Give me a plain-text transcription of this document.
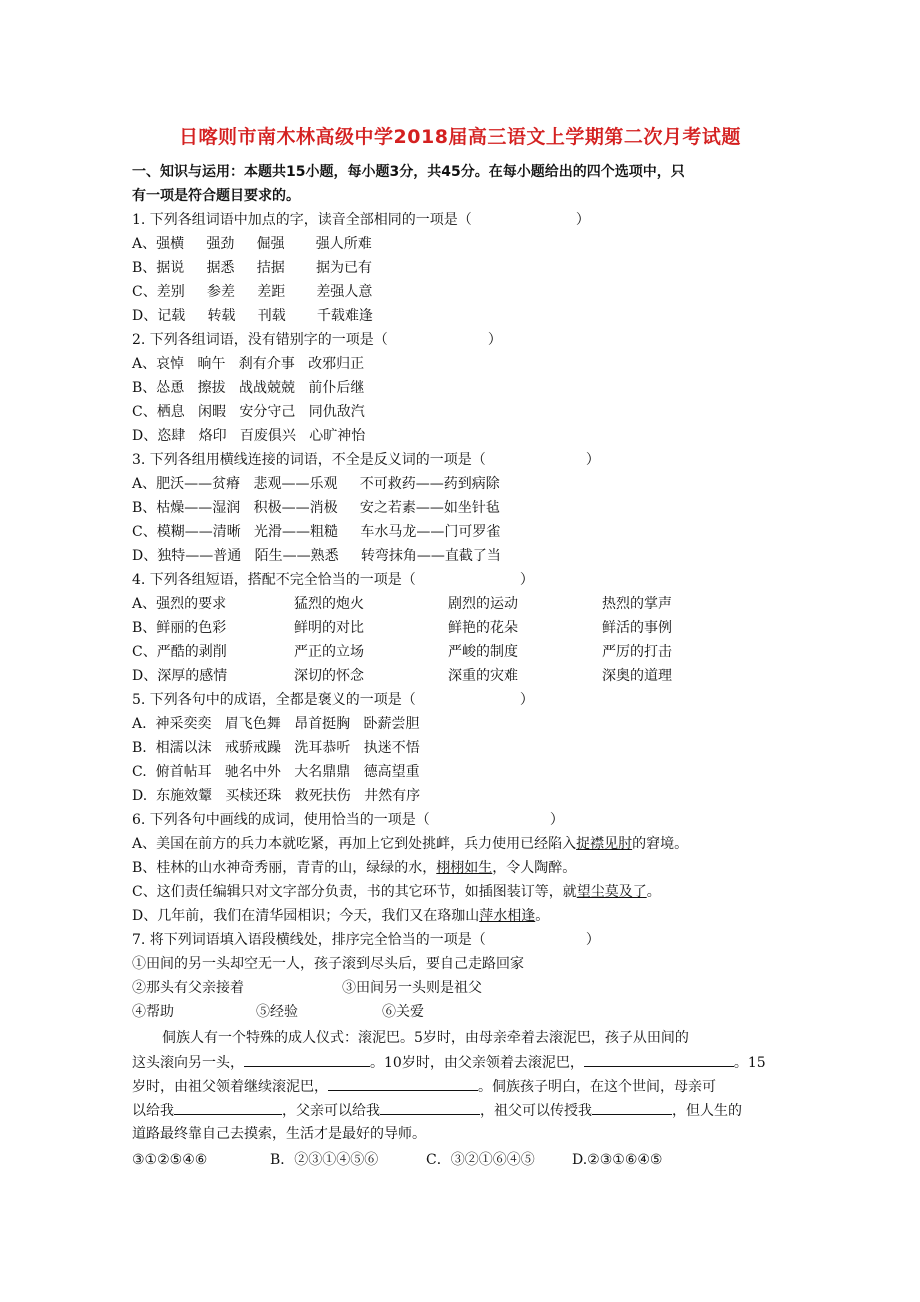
日喀则市南木林高级中学2018届高三语文上学期第二次月考试题
一、知识与运用：本题共15小题，每小题3分，共45分。在每小题给出的四个选项中，只
有一项是符合题目要求的。
1. 下列各组词语中加点的字，读音全部相同的一项是（	）
A、强横     强劲     倔强       强人所难
B、据说     据悉     拮据       据为已有
C、差别     参差     差距       差强人意
D、记载     转载     刊载       千载难逢
2. 下列各组词语，没有错别字的一项是（	）
A、哀悼   晌午   刹有介事   改邪归正
B、怂恿   擦拔   战战兢兢   前仆后继
C、栖息   闲暇   安分守己   同仇敌汽
D、恣肆   烙印   百废俱兴   心旷神怡
3. 下列各组用横线连接的词语，不全是反义词的一项是（	）
A、肥沃——贫瘠   悲观——乐观     不可救药——药到病除
B、枯燥——湿润   积极——消极     安之若素——如坐针毡
C、模糊——清晰   光滑——粗糙     车水马龙——门可罗雀
D、独特——普通   陌生——熟悉     转弯抹角——直截了当
4. 下列各组短语，搭配不完全恰当的一项是（	）
A、强烈的要求	猛烈的炮火	剧烈的运动	热烈的掌声
B、鲜丽的色彩	鲜明的对比	鲜艳的花朵	鲜活的事例
C、严酷的剥削	严正的立场	严峻的制度	严厉的打击
D、深厚的感情	深切的怀念	深重的灾难	深奥的道理
5. 下列各句中的成语，全都是褒义的一项是（	）
A.  神采奕奕   眉飞色舞   昂首挺胸   卧薪尝胆
B.  相濡以沫   戒骄戒躁   洗耳恭听   执迷不悟
C.  俯首帖耳   驰名中外   大名鼎鼎   德高望重
D.  东施效颦   买椟还珠   救死扶伤   井然有序
6. 下列各句中画线的成词，使用恰当的一项是（	）
A、美国在前方的兵力本就吃紧，再加上它到处挑衅，兵力使用已经陷入捉襟见肘的窘境。
B、桂林的山水神奇秀丽，青青的山，绿绿的水，栩栩如生，令人陶醉。
C、这们责任编辑只对文字部分负责，书的其它环节，如插图装订等，就望尘莫及了。
D、几年前，我们在清华园相识；今天，我们又在珞珈山萍水相逢。
7. 将下列词语填入语段横线处，排序完全恰当的一项是（	）
①田间的另一头却空无一人，孩子滚到尽头后，要自己走路回家
②那头有父亲接着	③田间另一头则是祖父
④帮助	⑤经验	⑥关爱
侗族人有一个特殊的成人仪式：滚泥巴。5岁时，由母亲牵着去滚泥巴，孩子从田间的
这头滚向另一头，	。10岁时，由父亲领着去滚泥巴，	。15
岁时，由祖父领着继续滚泥巴，	。侗族孩子明白，在这个世间，母亲可
以给我	，父亲可以给我	，祖父可以传授我	，但人生的
道路最终靠自己去摸索，生活才是最好的导师。
③①②⑤④⑥	B．②③①④⑤⑥	C．③②①⑥④⑤	D.②③①⑥④⑤
